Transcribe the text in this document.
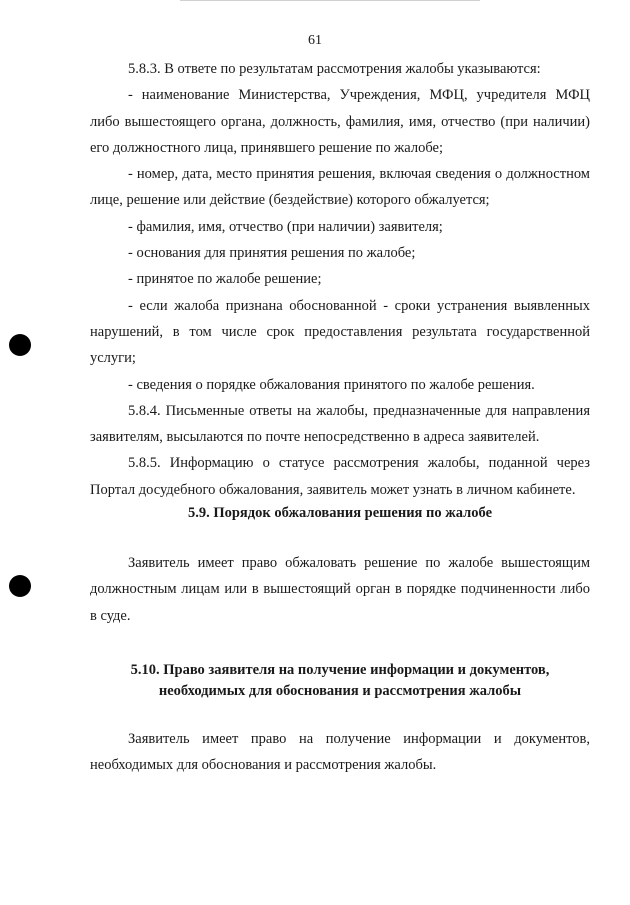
61

5.8.3. В ответе по результатам рассмотрения жалобы указываются:

- наименование Министерства, Учреждения, МФЦ, учредителя МФЦ либо вышестоящего органа, должность, фамилия, имя, отчество (при наличии) его должностного лица, принявшего решение по жалобе;

- номер, дата, место принятия решения, включая сведения о должностном лице, решение или действие (бездействие) которого обжалуется;

- фамилия, имя, отчество (при наличии) заявителя;

- основания для принятия решения по жалобе;

- принятое по жалобе решение;

- если жалоба признана обоснованной - сроки устранения выявленных нарушений, в том числе срок предоставления результата государственной услуги;

- сведения о порядке обжалования принятого по жалобе решения.

5.8.4. Письменные ответы на жалобы, предназначенные для направления заявителям, высылаются по почте непосредственно в адреса заявителей.

5.8.5. Информацию о статусе рассмотрения жалобы, поданной через Портал досудебного обжалования, заявитель может узнать в личном кабинете.

5.9. Порядок обжалования решения по жалобе

Заявитель имеет право обжаловать решение по жалобе вышестоящим должностным лицам или в вышестоящий орган в порядке подчиненности либо в суде.

5.10. Право заявителя на получение информации и документов,
необходимых для обоснования и рассмотрения жалобы

Заявитель имеет право на получение информации и документов, необходимых для обоснования и рассмотрения жалобы.
